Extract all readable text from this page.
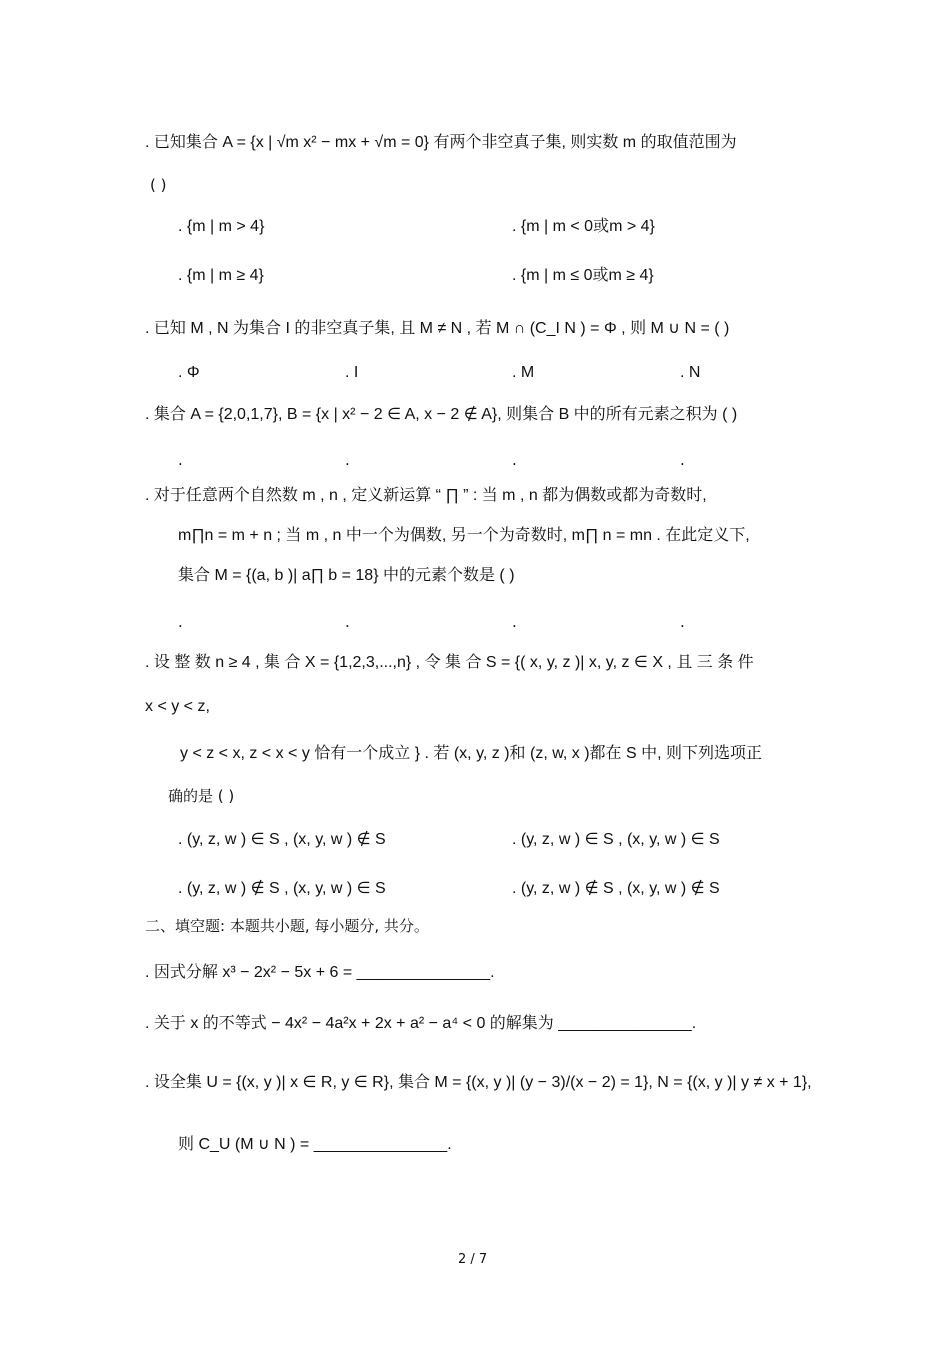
. 已知集合 A = {x | √m x² − mx + √m = 0} 有两个非空真子集, 则实数 m 的取值范围为
( )
. {m | m > 4}	. {m | m < 0或m > 4}
. {m | m ≥ 4}	. {m | m ≤ 0或m ≥ 4}
. 已知 M , N 为集合 I 的非空真子集, 且 M ≠ N , 若 M ∩ (C_I N ) = Φ , 则 M ∪ N = ( )
. Φ	. I	. M	. N
. 集合 A = {2,0,1,7}, B = {x | x² − 2 ∈ A, x − 2 ∉ A}, 则集合 B 中的所有元素之积为 ( )
.	.	.	.
. 对于任意两个自然数 m , n , 定义新运算 “ ∏ ” : 当 m , n 都为偶数或都为奇数时,
m∏n = m + n ; 当 m , n 中一个为偶数, 另一个为奇数时, m∏ n = mn . 在此定义下,
集合 M = {(a, b )| a∏ b = 18} 中的元素个数是 ( )
.	.	.	.
. 设 整 数 n ≥ 4 , 集 合 X = {1,2,3,...,n} , 令 集 合 S = {( x, y, z )| x, y, z ∈ X , 且 三 条 件
x < y < z,
y < z < x, z < x < y 恰有一个成立 } . 若 (x, y, z )和 (z, w, x )都在 S 中, 则下列选项正
确的是 ( )
. (y, z, w ) ∈ S , (x, y, w ) ∉ S	. (y, z, w ) ∈ S , (x, y, w ) ∈ S
. (y, z, w ) ∉ S , (x, y, w ) ∈ S	. (y, z, w ) ∉ S , (x, y, w ) ∉ S
二、填空题: 本题共小题, 每小题分, 共分。
. 因式分解 x³ − 2x² − 5x + 6 = _______________.
. 关于 x 的不等式 − 4x² − 4a²x + 2x + a² − a⁴ < 0 的解集为 _______________.
. 设全集 U = {(x, y )| x ∈ R, y ∈ R}, 集合 M = {(x, y )| (y − 3)/(x − 2) = 1}, N = {(x, y )| y ≠ x + 1},
则 C_U (M ∪ N ) = _______________.
2 / 7
